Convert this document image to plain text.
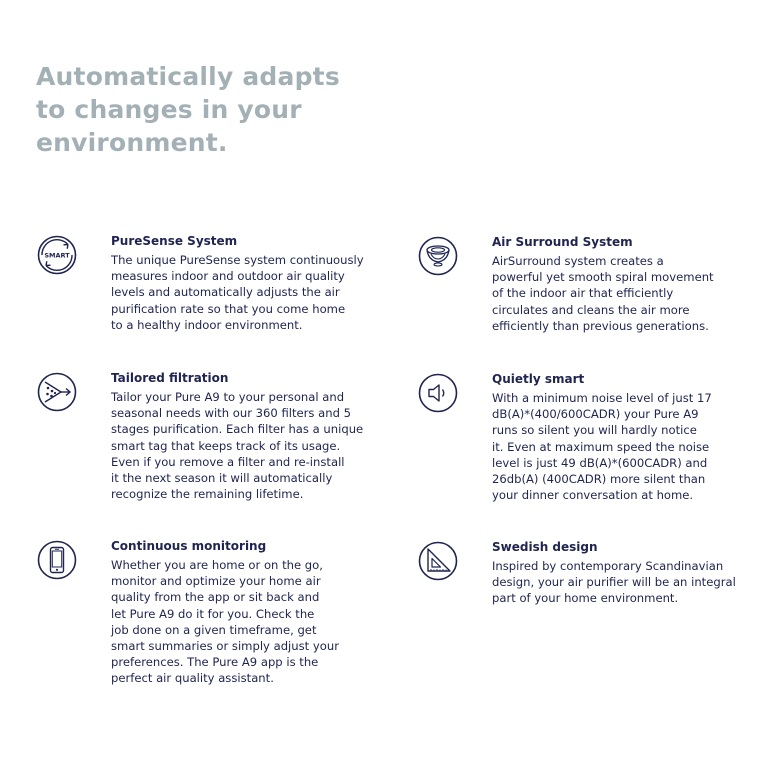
Automatically adapts
to changes in your
environment.
SMART
PureSense System

The unique PureSense system continuously
measures indoor and outdoor air quality
levels and automatically adjusts the air
purification rate so that you come home
to a healthy indoor environment.

Air Surround System

AirSurround system creates a
powerful yet smooth spiral movement
of the indoor air that efficiently
circulates and cleans the air more
efficiently than previous generations.

Tailored filtration

Tailor your Pure A9 to your personal and
seasonal needs with our 360 filters and 5
stages purification. Each filter has a unique
smart tag that keeps track of its usage.
Even if you remove a filter and re-install
it the next season it will automatically
recognize the remaining lifetime.

Quietly smart

With a minimum noise level of just 17
dB(A)*(400/600CADR) your Pure A9
runs so silent you will hardly notice
it. Even at maximum speed the noise
level is just 49 dB(A)*(600CADR) and
26db(A) (400CADR) more silent than
your dinner conversation at home.

Continuous monitoring

Whether you are home or on the go,
monitor and optimize your home air
quality from the app or sit back and
let Pure A9 do it for you. Check the
job done on a given timeframe, get
smart summaries or simply adjust your
preferences. The Pure A9 app is the
perfect air quality assistant.

Swedish design

Inspired by contemporary Scandinavian
design, your air purifier will be an integral
part of your home environment.
